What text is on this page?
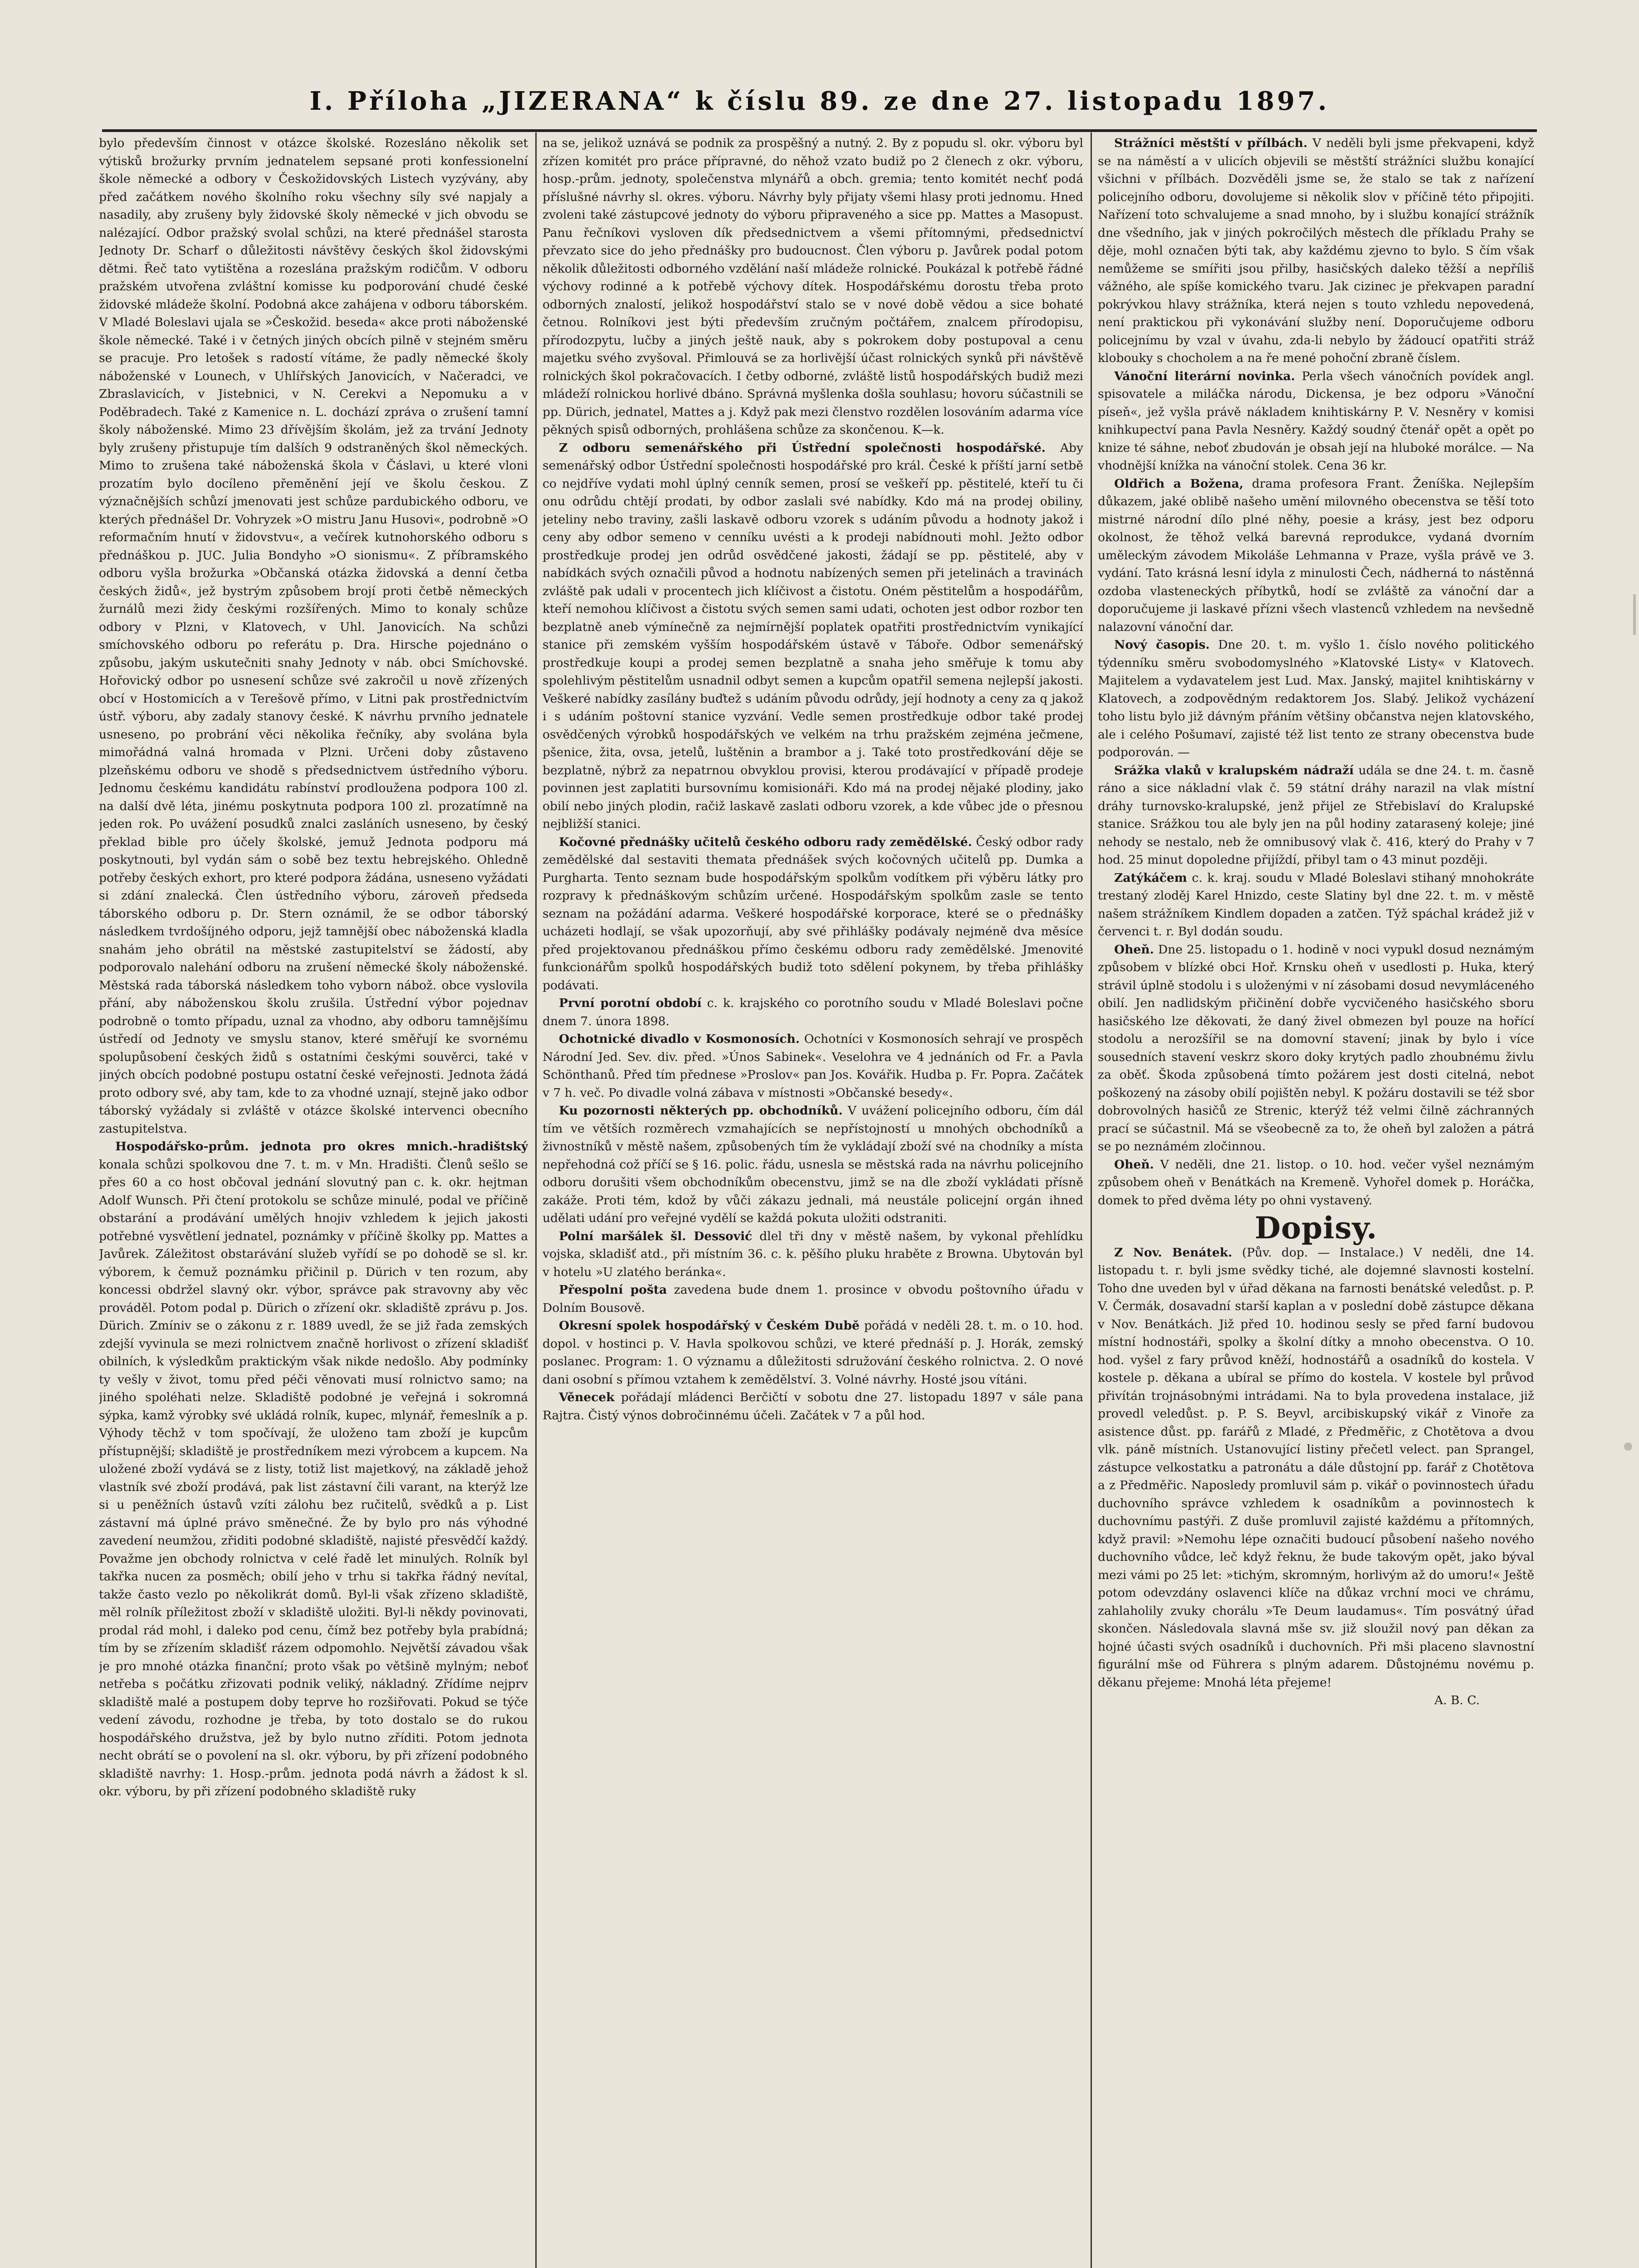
I. Příloha „JIZERANA“ k číslu 89. ze dne 27. listopadu 1897.

bylo především činnost v otázce školské. Rozesláno několik set výtisků brožurky prvním jednatelem sepsané proti konfessionelní škole německé a odbory v Českožidovských Listech vyzývány, aby před začátkem nového školního roku všechny síly své napjaly a nasadily, aby zrušeny byly židovské školy německé v jich obvodu se nalézající. Odbor pražský svolal schůzi, na které přednášel starosta Jednoty Dr. Scharf o důležitosti návštěvy českých škol židovskými dětmi. Řeč tato vytištěna a rozeslána pražským rodičům. V odboru pražském utvořena zvláštní komisse ku podporování chudé české židovské mládeže školní. Podobná akce zahájena v odboru táborském. V Mladé Boleslavi ujala se »Českožid. beseda« akce proti náboženské škole německé. Také i v četných jiných obcích pilně v stejném směru se pracuje. Pro letošek s radostí vítáme, že padly německé školy náboženské v Lounech, v Uhlířských Janovicích, v Načeradci, ve Zbraslavicích, v Jistebnici, v N. Cerekvi a Nepomuku a v Poděbradech. Také z Kamenice n. L. dochází zpráva o zrušení tamní školy náboženské. Mimo 23 dřívějším školám, jež za trvání Jednoty byly zrušeny přistupuje tím dalších 9 odstraněných škol německých. Mimo to zrušena také náboženská škola v Čáslavi, u které vloni prozatím bylo docíleno přeměnění její ve školu českou. Z význačnějších schůzí jmenovati jest schůze pardubického odboru, ve kterých přednášel Dr. Vohryzek »O mistru Janu Husovi«, podrobně »O reformačním hnutí v židovstvu«, a večírek kutnohorského odboru s přednáškou p. JUC. Julia Bondyho »O sionismu«. Z příbramského odboru vyšla brožurka »Občanská otázka židovská a denní četba českých židů«, jež bystrým způsobem brojí proti četbě německých žurnálů mezi židy českými rozšířených. Mimo to konaly schůze odbory v Plzni, v Klatovech, v Uhl. Janovicích. Na schůzi smíchovského odboru po referátu p. Dra. Hirsche pojednáno o způsobu, jakým uskutečniti snahy Jednoty v náb. obci Smíchovské. Hořovický odbor po usnesení schůze své zakročil u nově zřízených obcí v Hostomicích a v Terešově přímo, v Litni pak prostřednictvím ústř. výboru, aby zadaly stanovy české. K návrhu prvního jednatele usneseno, po probrání věci několika řečníky, aby svolána byla mimořádná valná hromada v Plzni. Určeni doby zůstaveno plzeňskému odboru ve shodě s předsednictvem ústředního výboru. Jednomu českému kandidátu rabínství prodloužena podpora 100 zl. na další dvě léta, jinému poskytnuta podpora 100 zl. prozatímně na jeden rok. Po uvážení posudků znalci zasláních usneseno, by český překlad bible pro účely školské, jemuž Jednota podporu má poskytnouti, byl vydán sám o sobě bez textu hebrejského. Ohledně potřeby českých exhort, pro které podpora žádána, usneseno vyžádati si zdání znalecká. Člen ústředního výboru, zároveň předseda táborského odboru p. Dr. Stern oznámil, že se odbor táborský následkem tvrdošíjného odporu, jejž tamnější obec náboženská kladla snahám jeho obrátil na městské zastupitelství se žádostí, aby podporovalo nalehání odboru na zrušení německé školy náboženské. Městská rada táborská následkem toho vyborn nábož. obce vyslovila přání, aby náboženskou školu zrušila. Ústřední výbor pojednav podrobně o tomto případu, uznal za vhodno, aby odboru tamnějšímu ústředí od Jednoty ve smyslu stanov, které směřují ke svornému spolupůsobení českých židů s ostatními českými souvěrci, také v jiných obcích podobné postupu ostatní české veřejnosti. Jednota žádá proto odbory své, aby tam, kde to za vhodné uznají, stejně jako odbor táborský vyžádaly si zvláště v otázce školské intervenci obecního zastupitelstva.

Hospodářsko-prům. jednota pro okres mnich.-hradištský konala schůzi spolkovou dne 7. t. m. v Mn. Hradišti. Členů sešlo se přes 60 a co host občoval jednání slovutný pan c. k. okr. hejtman Adolf Wunsch. Při čtení protokolu se schůze minulé, podal ve příčině obstarání a prodávání umělých hnojiv vzhledem k jejich jakosti potřebné vysvětlení jednatel, poznámky v příčině školky pp. Mattes a Javůrek. Záležitost obstarávání služeb vyřídí se po dohodě se sl. kr. výborem, k čemuž poznámku přičinil p. Dürich v ten rozum, aby koncessi obdržel slavný okr. výbor, správce pak stravovny aby věc prováděl. Potom podal p. Dürich o zřízení okr. skladiště zprávu p. Jos. Dürich. Zmíniv se o zákonu z r. 1889 uvedl, že se již řada zemských zdejší vyvinula se mezi rolnictvem značně horlivost o zřízení skladišť obilních, k výsledkům praktickým však nikde nedošlo. Aby podmínky ty vešly v život, tomu před péči věnovati musí rolnictvo samo; na jiného spoléhati nelze. Skladiště podobné je veřejná i sokromná sýpka, kamž výrobky své ukládá rolník, kupec, mlynář, řemeslník a p. Výhody těchž v tom spočívají, že uloženo tam zboží je kupcům přístupnější; skladiště je prostředníkem mezi výrobcem a kupcem. Na uložené zboží vydává se z listy, totiž list majetkový, na základě jehož vlastník své zboží prodává, pak list zástavní čili varant, na kterýž lze si u peněžních ústavů vzíti zálohu bez ručitelů, svědků a p. List zástavní má úplné právo směnečné. Že by bylo pro nás výhodné zavedení neumžou, zřiditi podobné skladiště, najisté přesvědčí každý. Považme jen obchody rolnictva v celé řadě let minulých. Rolník byl takřka nucen za posměch; obilí jeho v trhu si takřka řádný nevítal, takže často vezlo po několikrát domů. Byl-li však zřízeno skladiště, měl rolník příležitost zboží v skladiště uložiti. Byl-li někdy povinovati, prodal rád mohl, i daleko pod cenu, čímž bez potřeby byla prabídná; tím by se zřízením skladišť rázem odpomohlo. Největší závadou však je pro mnohé otázka finanční; proto však po většině mylným; neboť netřeba s počátku zřizovati podnik veliký, nákladný. Zřídíme nejprv skladiště malé a postupem doby teprve ho rozšiřovati. Pokud se týče vedení závodu, rozhodne je třeba, by toto dostalo se do rukou hospodářského družstva, jež by bylo nutno zříditi. Potom jednota necht obrátí se o povolení na sl. okr. výboru, by při zřízení podobného skladiště navrhy: 1. Hosp.-prům. jednota podá návrh a žádost k sl. okr. výboru, by při zřízení podobného skladiště ruky

na se, jelikož uznává se podnik za prospěšný a nutný. 2. By z popudu sl. okr. výboru byl zřízen komitét pro práce přípravné, do něhož vzato budiž po 2 členech z okr. výboru, hosp.-prům. jednoty, společenstva mlynářů a obch. gremia; tento komitét nechť podá příslušné návrhy sl. okres. výboru. Návrhy byly přijaty všemi hlasy proti jednomu. Hned zvoleni také zástupcové jednoty do výboru připraveného a sice pp. Mattes a Masopust. Panu řečníkovi vysloven dík předsednictvem a všemi přítomnými, předsednictví převzato sice do jeho přednášky pro budoucnost. Člen výboru p. Javůrek podal potom několik důležitosti odborného vzdělání naší mládeže rolnické. Poukázal k potřebě řádné výchovy rodinné a k potřebě výchovy dítek. Hospodářskému dorostu třeba proto odborných znalostí, jelikož hospodářství stalo se v nové době vědou a sice bohaté četnou. Rolníkovi jest býti především zručným počtářem, znalcem přírodopisu, přírodozpytu, lučby a jiných ještě nauk, aby s pokrokem doby postupoval a cenu majetku svého zvyšoval. Přimlouvá se za horlivější účast rolnických synků při návštěvě rolnických škol pokračovacích. I četby odborné, zvláště listů hospodářských budiž mezi mládeží rolnickou horlivé dbáno. Správná myšlenka došla souhlasu; hovoru súčastnili se pp. Dürich, jednatel, Mattes a j. Když pak mezi členstvo rozdělen losováním adarma více pěkných spisů odborných, prohlášena schůze za skončenou. K—k.

Z odboru semenářského při Ústřední společnosti hospodářské. Aby semenářský odbor Ústřední společnosti hospodářské pro král. České k příští jarní setbě co nejdříve vydati mohl úplný cenník semen, prosí se veškeří pp. pěstitelé, kteří tu či onu odrůdu chtějí prodati, by odbor zaslali své nabídky. Kdo má na prodej obiliny, jeteliny nebo traviny, zašli laskavě odboru vzorek s udáním původu a hodnoty jakož i ceny aby odbor semeno v cenníku uvésti a k prodeji nabídnouti mohl. Ježto odbor prostředkuje prodej jen odrůd osvědčené jakosti, žádají se pp. pěstitelé, aby v nabídkách svých označili původ a hodnotu nabízených semen při jetelinách a travinách zvláště pak udali v procentech jich klíčivost a čistotu. Oném pěstitelům a hospodářům, kteří nemohou klíčivost a čistotu svých semen sami udati, ochoten jest odbor rozbor ten bezplatně aneb výmínečně za nejmírnější poplatek opatřiti prostřednictvím vynikající stanice při zemském vyšším hospodářském ústavě v Táboře. Odbor semenářský prostředkuje koupi a prodej semen bezplatně a snaha jeho směřuje k tomu aby spolehlivým pěstitelům usnadnil odbyt semen a kupcům opatřil semena nejlepší jakosti. Veškeré nabídky zasílány buďtež s udáním původu odrůdy, její hodnoty a ceny za q jakož i s udáním poštovní stanice vyzvání. Vedle semen prostředkuje odbor také prodej osvědčených výrobků hospodářských ve velkém na trhu pražském zejména ječmene, pšenice, žita, ovsa, jetelů, luštěnin a brambor a j. Také toto prostředkování děje se bezplatně, nýbrž za nepatrnou obvyklou provisi, kterou prodávající v případě prodeje povinnen jest zaplatiti bursovnímu komisionáři. Kdo má na prodej nějaké plodiny, jako obilí nebo jiných plodin, račiž laskavě zaslati odboru vzorek, a kde vůbec jde o přesnou nejbližší stanici.

Kočovné přednášky učitelů českého odboru rady zemědělské. Český odbor rady zemědělské dal sestaviti themata přednášek svých kočovných učitelů pp. Dumka a Purgharta. Tento seznam bude hospodářským spolkům vodítkem při výběru látky pro rozpravy k přednáškovým schůzím určené. Hospodářským spolkům zasle se tento seznam na požádání adarma. Veškeré hospodářské korporace, které se o přednášky ucházeti hodlají, se však upozorňují, aby své přihlášky podávaly nejméně dva měsíce před projektovanou přednáškou přímo českému odboru rady zemědělské. Jmenovité funkcionářům spolků hospodářských budiž toto sdělení pokynem, by třeba přihlášky podávati.

První porotní období c. k. krajského co porotního soudu v Mladé Boleslavi počne dnem 7. února 1898.

Ochotnické divadlo v Kosmonosích. Ochotníci v Kosmonosích sehrají ve prospěch Národní Jed. Sev. div. před. »Únos Sabinek«. Veselohra ve 4 jednáních od Fr. a Pavla Schönthanů. Před tím přednese »Proslov« pan Jos. Kovářik. Hudba p. Fr. Popra. Začátek v 7 h. več. Po divadle volná zábava v místnosti »Občanské besedy«.

Ku pozornosti některých pp. obchodníků. V uvážení policejního odboru, čím dál tím ve větších rozměrech vzmahajících se nepřístojností u mnohých obchodníků a živnostníků v městě našem, způsobených tím že vykládají zboží své na chodníky a místa nepřehodná což příčí se § 16. polic. řádu, usnesla se městská rada na návrhu policejního odboru dorušiti všem obchodníkům obecenstvu, jimž se na dle zboží vykládati přísně zakáže. Proti tém, kdož by vůči zákazu jednali, má neustále policejní orgán ihned udělati udání pro veřejné vydělí se každá pokuta uložiti odstraniti.

Polní maršálek šl. Dessović dlel tři dny v městě našem, by vykonal přehlídku vojska, skladišť atd., při místním 36. c. k. pěšího pluku hraběte z Browna. Ubytován byl v hotelu »U zlatého beránka«.

Přespolní pošta zavedena bude dnem 1. prosince v obvodu poštovního úřadu v Dolním Bousově.

Okresní spolek hospodářský v Českém Dubě pořádá v neděli 28. t. m. o 10. hod. dopol. v hostinci p. V. Havla spolkovou schůzi, ve které přednáší p. J. Horák, zemský poslanec. Program: 1. O významu a důležitosti sdružování českého rolnictva. 2. O nové dani osobní s přímou vztahem k zemědělství. 3. Volné návrhy. Hosté jsou vítáni.

Věnecek pořádají mládenci Berčičtí v sobotu dne 27. listopadu 1897 v sále pana Rajtra. Čistý výnos dobročinnému účeli. Začátek v 7 a půl hod.

Strážníci městští v přílbách. V neděli byli jsme překvapeni, když se na náměstí a v ulicích objevili se městští strážníci službu konající všichni v přílbách. Dozvěděli jsme se, že stalo se tak z nařízení policejního odboru, dovolujeme si několik slov v příčině této připojiti. Nařízení toto schvalujeme a snad mnoho, by i službu konající strážník dne všedního, jak v jiných pokročilých městech dle příkladu Prahy se děje, mohl označen býti tak, aby každému zjevno to bylo. S čím však nemůžeme se smířiti jsou přilby, hasičských daleko těžší a nepříliš vážného, ale spíše komického tvaru. Jak cizinec je překvapen paradní pokrývkou hlavy strážníka, která nejen s touto vzhledu nepovedená, není praktickou při vykonávání služby není. Doporučujeme odboru policejnímu by vzal v úvahu, zda-li nebylo by žádoucí opatřiti stráž klobouky s chocholem a na ře mené pohoční zbraně číslem.

Vánoční literární novinka. Perla všech vánočních povídek angl. spisovatele a miláčka národu, Dickensa, je bez odporu »Vánoční píseň«, jež vyšla právě nákladem knihtiskárny P. V. Nesněry v komisi knihkupectví pana Pavla Nesněry. Každý soudný čtenář opět a opět po knize té sáhne, neboť zbudován je obsah její na hluboké morálce. — Na vhodnější knížka na vánoční stolek. Cena 36 kr.

Oldřich a Božena, drama profesora Frant. Ženíška. Nejlepším důkazem, jaké oblibě našeho umění milovného obecenstva se těší toto mistrné národní dílo plné něhy, poesie a krásy, jest bez odporu okolnost, že těhož velká barevná reprodukce, vydaná dvorním uměleckým závodem Mikoláše Lehmanna v Praze, vyšla právě ve 3. vydání. Tato krásná lesní idyla z minulosti Čech, nádherná to nástěnná ozdoba vlasteneckých příbytků, hodí se zvláště za vánoční dar a doporučujeme ji laskavé přízni všech vlastenců vzhledem na nevšedně nalazovní vánoční dar.

Nový časopis. Dne 20. t. m. vyšlo 1. číslo nového politického týdenníku směru svobodomyslného »Klatovské Listy« v Klatovech. Majitelem a vydavatelem jest Lud. Max. Janský, majitel knihtiskárny v Klatovech, a zodpovědným redaktorem Jos. Slabý. Jelikož vycházení toho listu bylo již dávným přáním většiny občanstva nejen klatovského, ale i celého Pošumaví, zajisté též list tento ze strany obecenstva bude podporován. —

Srážka vlaků v kralupském nádraží udála se dne 24. t. m. časně ráno a sice nákladní vlak č. 59 státní dráhy narazil na vlak místní dráhy turnovsko-kralupské, jenž přijel ze Střebislaví do Kralupské stanice. Srážkou tou ale byly jen na půl hodiny zatarasený koleje; jiné nehody se nestalo, neb že omnibusový vlak č. 416, který do Prahy v 7 hod. 25 minut dopoledne přijíždí, přibyl tam o 43 minut později.

Zatýkáčem c. k. kraj. soudu v Mladé Boleslavi stihaný mnohokráte trestaný zloděj Karel Hnizdo, ceste Slatiny byl dne 22. t. m. v městě našem strážníkem Kindlem dopaden a zatčen. Týž spáchal krádež již v červenci t. r. Byl dodán soudu.

Oheň. Dne 25. listopadu o 1. hodině v noci vypukl dosud neznámým způsobem v blízké obci Hoř. Krnsku oheň v usedlosti p. Huka, který strávil úplně stodolu i s uloženými v ní zásobami dosud nevymláceného obilí. Jen nadlidským přičinění dobře vycvičeného hasičského sboru hasičského lze děkovati, že daný živel obmezen byl pouze na hořící stodolu a nerozšířil se na domovní stavení; jinak by bylo i více sousedních stavení veskrz skoro doky krytých padlo zhoubnému živlu za oběť. Škoda způsobená tímto požárem jest dosti citelná, nebot poškozený na zásoby obilí pojištěn nebyl. K požáru dostavili se též sbor dobrovolných hasičů ze Strenic, kterýž též velmi čilně záchranných prací se súčastnil. Má se všeobecně za to, že oheň byl založen a pátrá se po neznámém zločinnou.

Oheň. V neděli, dne 21. listop. o 10. hod. večer vyšel neznámým způsobem oheň v Benátkách na Kremeně. Vyhořel domek p. Horáčka, domek to před dvěma léty po ohni vystavený.

Dopisy.

Z Nov. Benátek. (Pův. dop. — Instalace.) V neděli, dne 14. listopadu t. r. byli jsme svědky tiché, ale dojemné slavnosti kostelní. Toho dne uveden byl v úřad děkana na farnosti benátské veledůst. p. P. V. Čermák, dosavadní starší kaplan a v poslední době zástupce děkana v Nov. Benátkách. Již před 10. hodinou sesly se před farní budovou místní hodnostáři, spolky a školní dítky a mnoho obecenstva. O 10. hod. vyšel z fary průvod kněží, hodnostářů a osadníků do kostela. V kostele p. děkana a ubíral se přímo do kostela. V kostele byl průvod přivítán trojnásobnými intrádami. Na to byla provedena instalace, již provedl veledůst. p. P. S. Beyvl, arcibiskupský vikář z Vinoře za asistence důst. pp. farářů z Mladé, z Předměřic, z Chotětova a dvou vlk. páně místních. Ustanovující listiny přečetl velect. pan Sprangel, zástupce velkostatku a patronátu a dále důstojní pp. farář z Chotětova a z Předměřic. Naposledy promluvil sám p. vikář o povinnostech úřadu duchovního správce vzhledem k osadníkům a povinnostech k duchovnímu pastýři. Z duše promluvil zajisté každému a přítomných, když pravil: »Nemohu lépe označiti budoucí působení našeho nového duchovního vůdce, leč když řeknu, že bude takovým opět, jako býval mezi vámi po 25 let: »tichým, skromným, horlivým až do umoru!« Ještě potom odevzdány oslavenci klíče na důkaz vrchní moci ve chrámu, zahlaholily zvuky chorálu »Te Deum laudamus«. Tím posvátný úřad skončen. Následovala slavná mše sv. již sloužil nový pan děkan za hojné účasti svých osadníků i duchovních. Při mši placeno slavnostní figurální mše od Führera s plným adarem. Důstojnému novému p. děkanu přejeme: Mnohá léta přejeme!

A. B. C.
